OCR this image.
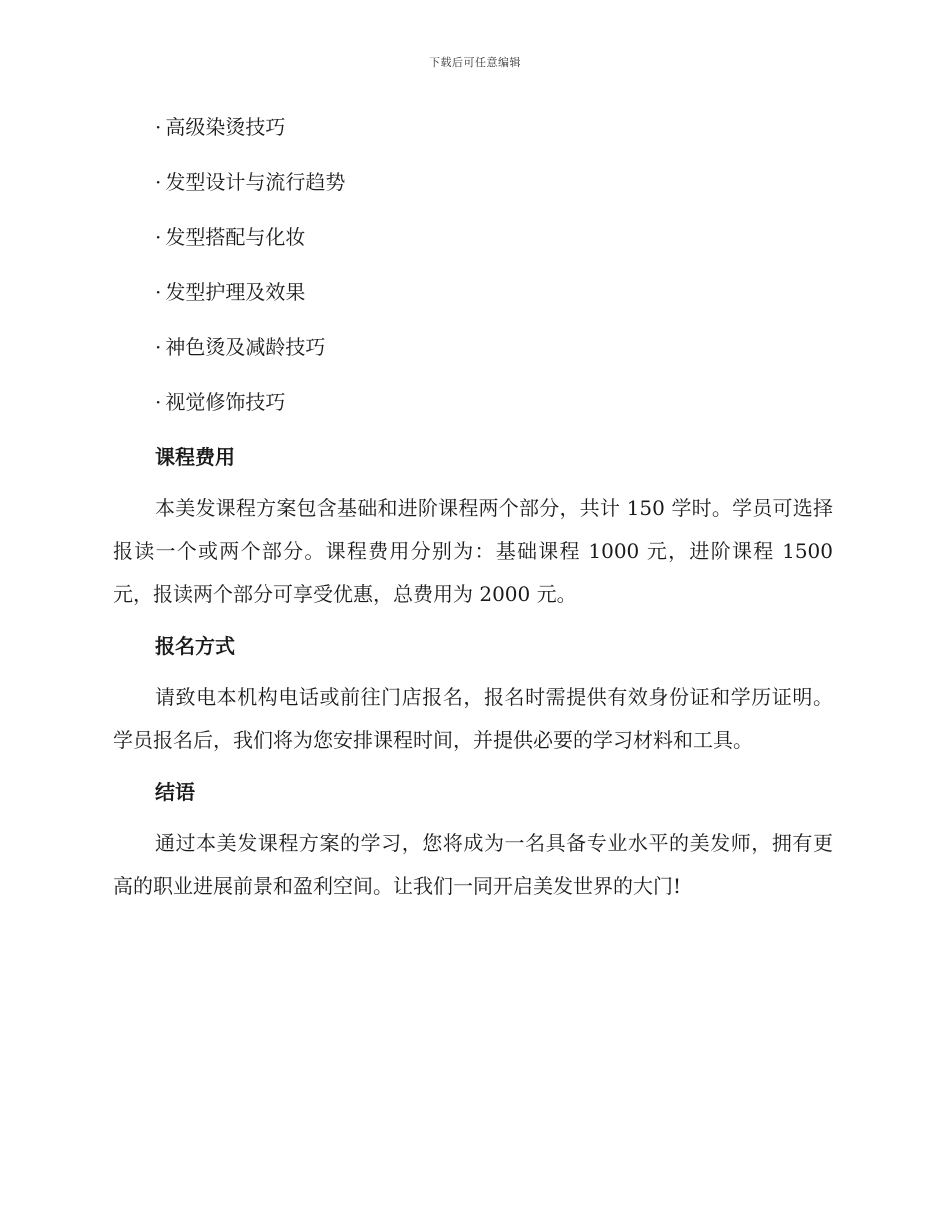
下载后可任意编辑
· 高级染烫技巧
· 发型设计与流行趋势
· 发型搭配与化妆
· 发型护理及效果
· 神色烫及减龄技巧
· 视觉修饰技巧
课程费用

本美发课程方案包含基础和进阶课程两个部分，共计 150 学时。学员可选择报读一个或两个部分。课程费用分别为：基础课程 1000 元，进阶课程 1500 元，报读两个部分可享受优惠，总费用为 2000 元。

报名方式

请致电本机构电话或前往门店报名，报名时需提供有效身份证和学历证明。学员报名后，我们将为您安排课程时间，并提供必要的学习材料和工具。

结语

通过本美发课程方案的学习，您将成为一名具备专业水平的美发师，拥有更高的职业进展前景和盈利空间。让我们一同开启美发世界的大门!
